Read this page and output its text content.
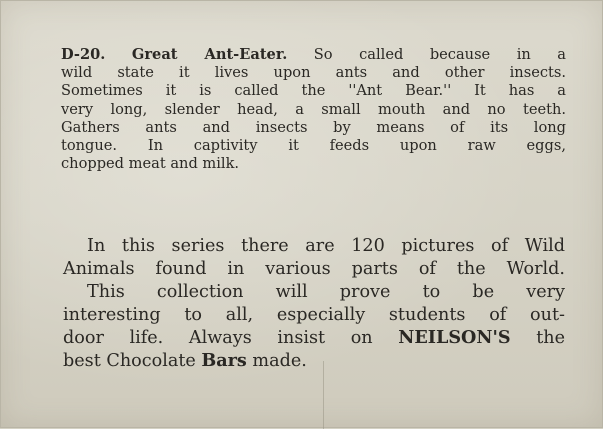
D-20. Great Ant-Eater. So called because in a
wild state it lives upon ants and other insects.
Sometimes it is called the ''Ant Bear.'' It has a
very long, slender head, a small mouth and no teeth.
Gathers ants and insects by means of its long
tongue. In captivity it feeds upon raw eggs,
chopped meat and milk.
In this series there are 120 pictures of Wild
Animals found in various parts of the World.
This collection will prove to be very
interesting to all, especially students of out-
door life. Always insist on NEILSON'S the
best Chocolate Bars made.
